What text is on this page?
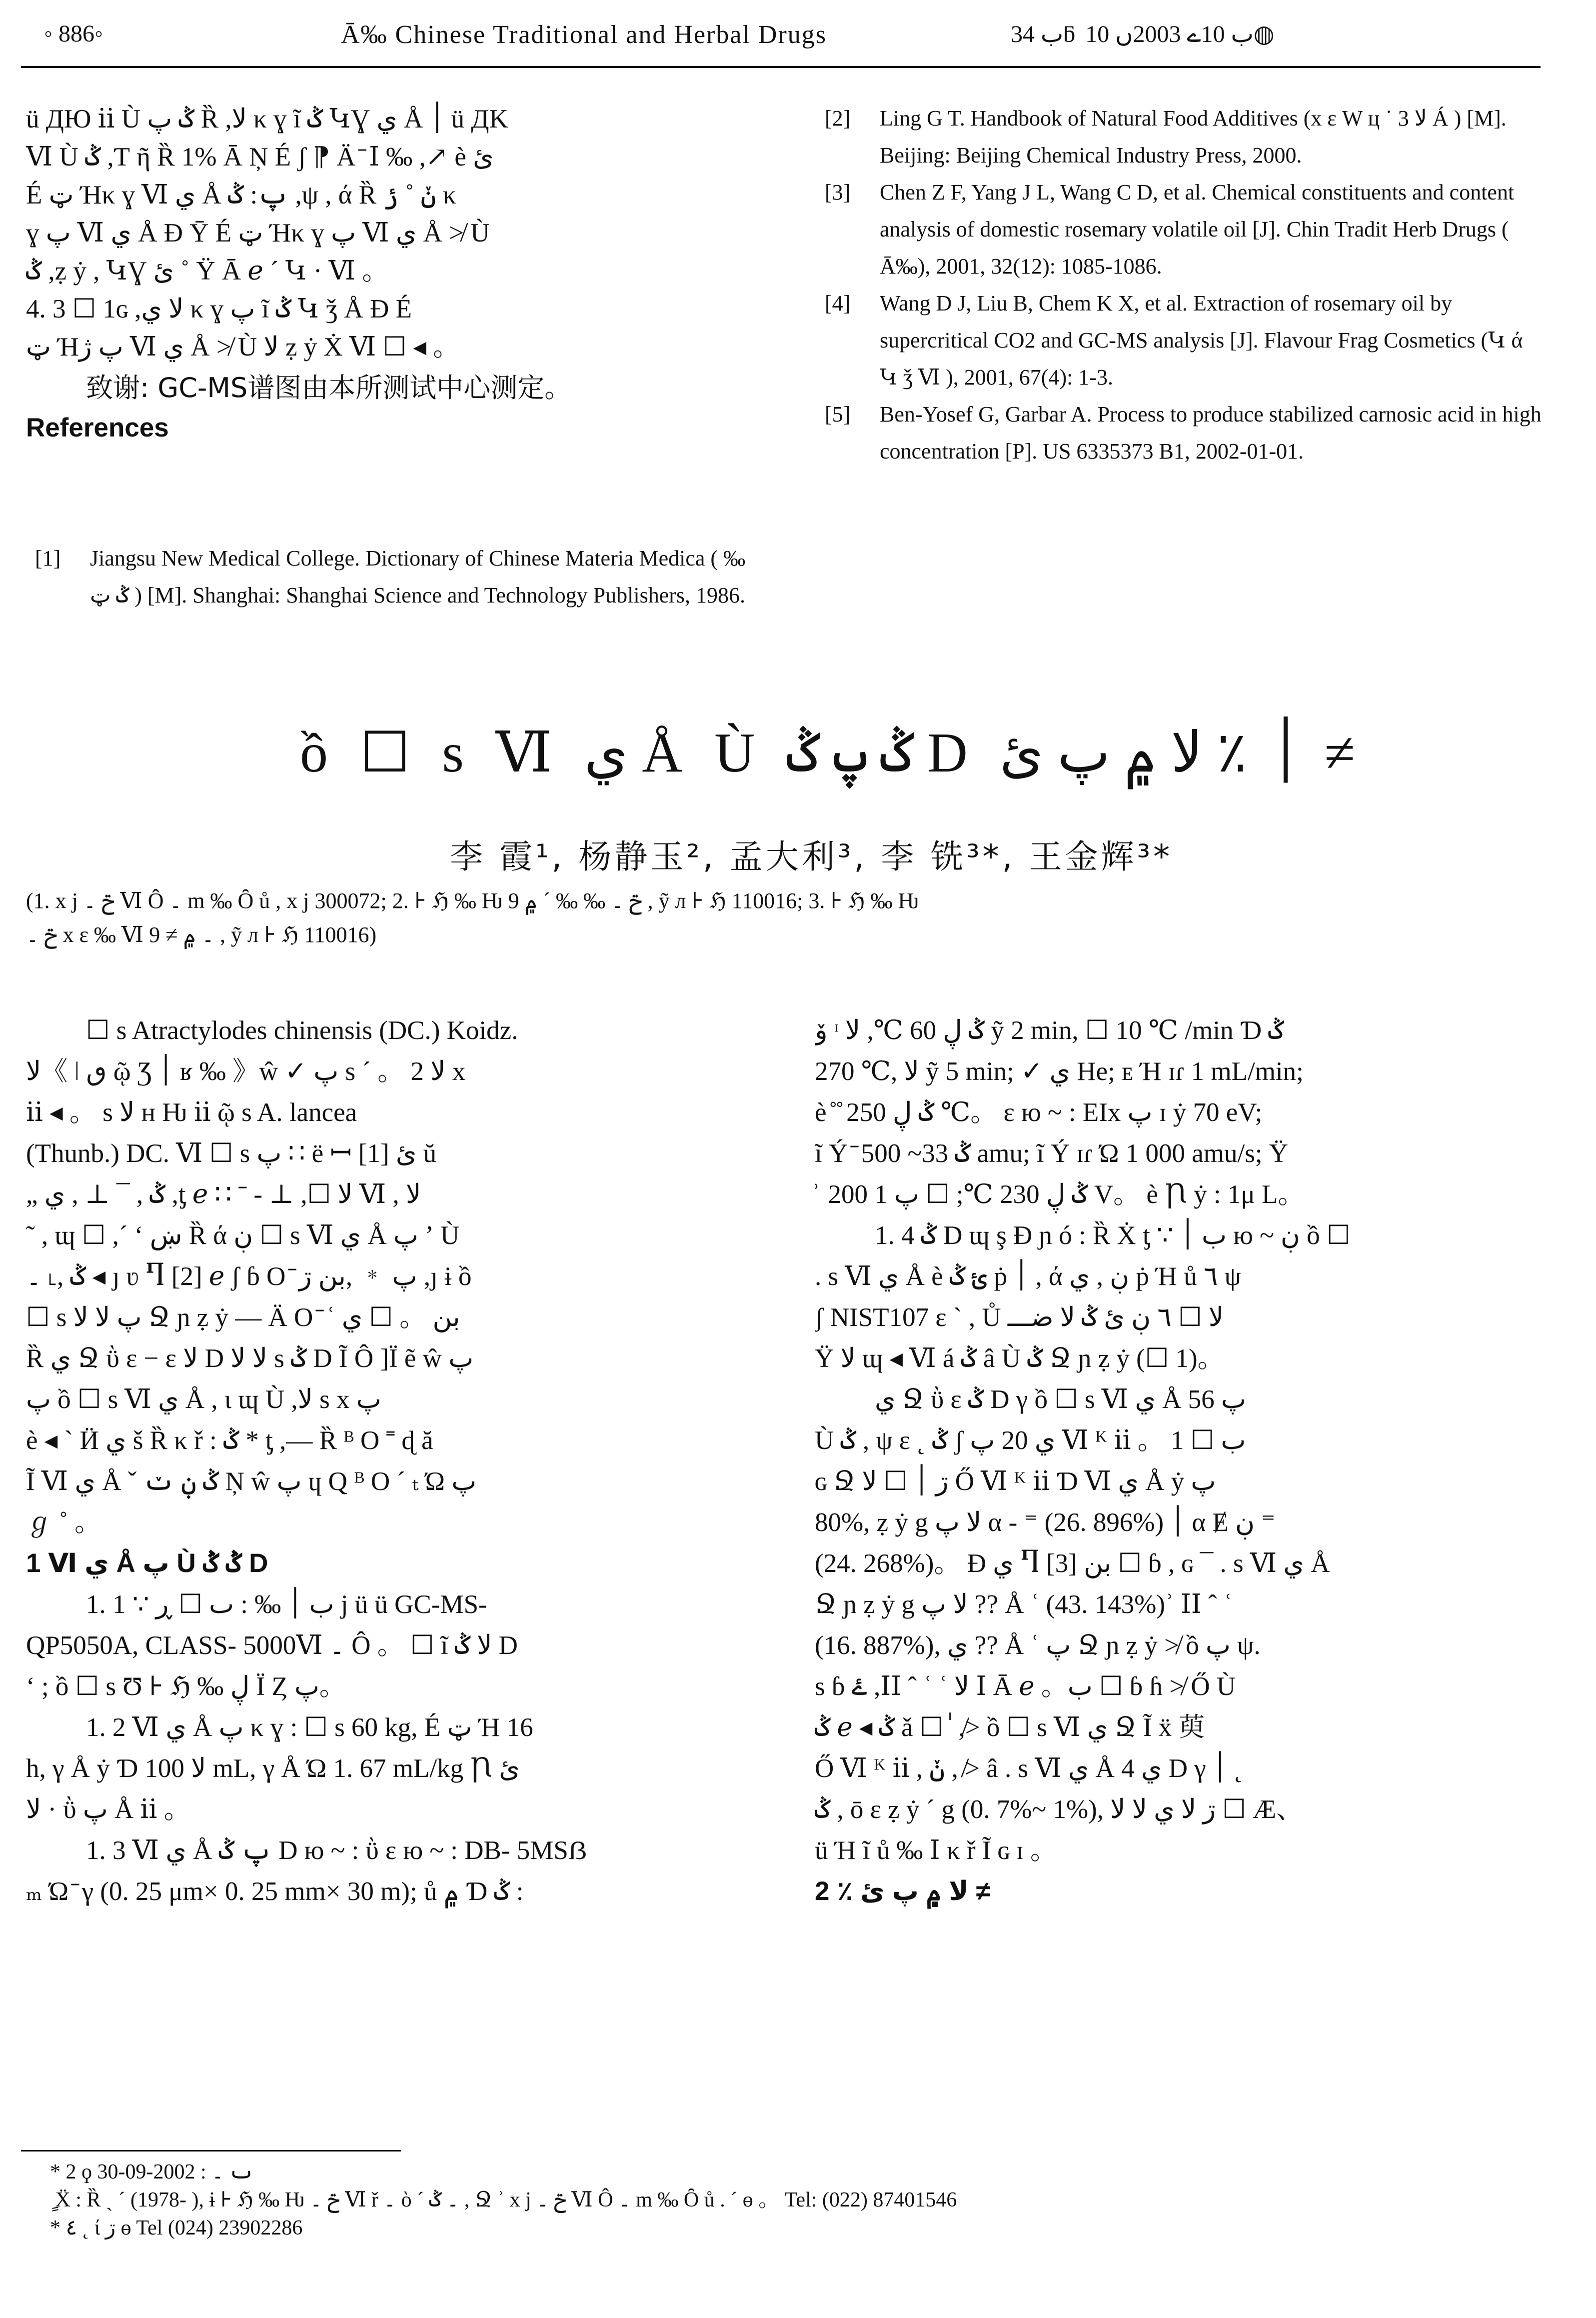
◦ 886◦	Ā‰ Chinese Traditional and Herbal Drugs	ب 34ƃ ب 10ے 2003ں 10◍

ü ДЮ ⅱ Ù ݣ پ Ȑ ,ﻻ κ ɣ ĩ ݣ ԿƔ ي Å ׀ ü ДΚ

Ⅵ Ù ݣ ,Ƭ ῆ Ȑ 1% Ā Ņ É ʃ ⁋ Ӓ ̄ Ⅰ ‰ ,↗ è ئ

É ټ Ήκ ɣ Ⅵ ي Å پ: ݣ ,ψ , ά Ȑ ݩ ˚ ݬ κ

ɣ پ Ⅵ ي Å Ɖ Ῡ É ټ Ήκ ɣ پ Ⅵ ي Å ≯ Ù

ݣ ,ẓ ẏ , ԿƔ ئ ˚ Ÿ Ā ℯ ´ Կ · Ⅵ 。

4. 3 ☐ 1ɢ ,ﻻ ي κ ɣ پ ĩ ݣ Կ ǯ Å Ɖ É

ټ Ήپ ژ Ⅵ ي Å ≯ Ù ﻻ ẓ ẏ Ẋ Ⅵ ☐ ◂ 。

致谢: GC-MS谱图由本所测试中心测定。

References

[1]	Jiangsu New Medical College. Dictionary of Chinese Materia Medica ( ‰ ݣ ټ ) [M]. Shanghai: Shanghai Science and Technology Publishers, 1986.
[2]	Ling G T. Handbook of Natural Food Additives (x ε W ц ˙ ﻻ 3 Á ) [M]. Beijing: Beijing Chemical Industry Press, 2000.
[3]	Chen Z F, Yang J L, Wang C D, et al. Chemical constituents and content analysis of domestic rosemary volatile oil [J]. Chin Tradit Herb Drugs ( Ā‰), 2001, 32(12): 1085-1086.
[4]	Wang D J, Liu B, Chem K X, et al. Extraction of rosemary oil by supercritical CO2 and GC-MS analysis [J]. Flavour Frag Cosmetics (Կ ά Կ ǯ Ⅵ ), 2001, 67(4): 1-3.
[5]	Ben-Yosef G, Garbar A. Process to produce stabilized carnosic acid in high concentration [P]. US 6335373 B1, 2002-01-01.
ồ ☐ s Ⅵ ي Å Ù ݣ پ ݣ D ׀ ٪ ﻻ ۾ پ ئ ≠
李 霞¹, 杨静玉², 孟大利³, 李 铣³*, 王金辉³*
(1. x j ݗ ۔ Ⅵ Ô ۔ m ‰ Ȏ ů , x j 300072; 2. ⊦ ℌ ‰ Ƕ ݗ ۔ ‰ ‰ ´ ۾ 9 , ỹ л ⊦ ℌ 110016; 3. ⊦ ℌ ‰ Ƕ
ݗ ۔ x ε ‰ Ⅵ ۔ ۾ ≠ 9 , ỹ л ⊦ ℌ 110016)

☐ s Atractylodes chinensis (DC.) Koidz.

ﻻ《 ǀ ٯ ῷ Ʒ ׀ ʁ ‰ 》ŵ ✓ پ s ´ 。 2 ﻻ x

ⅱ ◂ 。 s ﻻ ʜ Ƕ ⅱ ῷ s A. lancea

(Thunb.) DC. Ⅵ ☐ s پ ∷ ë ꟷ [1] ئ ŭ

„ ݣ , ¯ ⊥ , ي ,ƫ ℯ ∷ ˉ - ⊥ ,☐ ﻻ Ⅵ , ﻻ

˜ , ɰ ☐ ,´ ʻ ښ Ȑ ά ڹ ☐ s Ⅵ ي Å پ ʼ Ù

ݣ ,˪ ۔ ◂ ȷ ʋ Ⴄ [2] ℯ ʃ ɓ O ̄ پ ﹡ ,بن ڗ ,ȷ ɨ ồ

☐ s پ ﻻ ﻻ Ջ ɲ ẓ ẏ — Ӓ O ̄ ʿ بن 。 ☐ ي

Ȑ ي Ջ ῢ ɛ − ɛ ﻻ D ﻻ ﻻ s ݣ D Ĩ Ô ]Ï ẽ ŵ پ

پ ồ ☐ s Ⅵ ي Å , ɩ ɰ Ù ,ﻻ s x پ

è ◂ ` Ӥ ي š Ȑ κ ř : ݣ * ƫ ,— Ȑ ᴮ O ˭ ɖ ă

Ĩ Ⅵ ي Å ˇ ݣ ڹ ݖ Ņ ŵ پ ɥ Q ᴮ O ´ ₜ Ώ پ

ℊ ˚ 。

1 Ⅵ ي Å پ Ù ݣ ݣ D

1. 1 ∵ ب ׀ ‰ : ٮ ☐ ڕ j ü ü GC-MS-

QP5050A, CLASS- 5000Ⅵ ۔ Ô 。 ☐ ĩ ﻻ ݣ D

ʻ ; ồ ☐ s Ʊ ⊦ ℌ ‰ ڸ Ï Ȥ پ。

1. 2 Ⅵ ي Å پ κ ɣ : ☐ s 60 kg, É ټ Ή 16

h, γ Å ẏ Ɗ ﻻ 100 mL, γ Å Ώ 1. 67 mL/kg Ꞃ ئ

ﻻ · ῢ پ Å ⅱ 。

1. 3 Ⅵ ي Å پ ݣ D ю ~ : ῢ ɛ ю ~ : DB- 5MSẞ

ₘ Ώ ̄ γ (0. 25 μm× 0. 25 mm× 30 m); ů ۾ Ɗ ݣ :

ۆ ᶦ ݣ ڸ 60 ℃, ﻻ ỹ 2 min, ☐ 10 ℃ /min Ɗ ݣ

270 ℃, ﻻ ỹ 5 min; ✓ ي He; ᴇ Ή ɪɾ 1 mL/min;

è ̊ ̊ ݣ ڸ 250 ℃。 ɛ ю ~ : EIx پ ɪ ẏ 70 eV;

ĩ Ý ̄ ݣ 33~ 500 amu; ĩ Ý ɪɾ Ώ 1 000 amu/s; Ÿ

̊ ̊ ݣ ڸ 230 ℃; ☐ پ 1 200 V。 è Ꞃ ẏ : 1μ L。

1. 4 ݣ D ɰ ş Ɖ ɲ ó : Ȑ Ẋ ƫ ∵ ب ׀ ю ~ ڹ ồ ☐

. s Ⅵ ي Å è ئ ݣ ṗ ׀ , ά ڹ , ي ṗ Ή ů ٦ ψ

ʃ NIST107 ɛ ` , Ů ﻻ ☐ ٦ ڹ ئ ݣ ﻻ ضـــ

Ÿ ﻻ ɰ ◂ Ⅵ á ݣ â Ù ݣ Ջ ɲ ẓ ẏ (☐ 1)。

ي Ջ ῢ ɛ ݣ D γ ồ ☐ s Ⅵ ي Å پ 56

Ù ݣ , ψ ɛ ˛ ݣ ʃ ي 20 پ Ⅵ ᴷ ⅱ 。 ب ☐ 1

ɢ Ջ ڗ ׀ ☐ ﻻ Ő Ⅵ ᴷ ⅱ Ɗ Ⅵ ي Å ẏ پ

80%, ẓ ẏ g ﻻ پ α - ⁼ (26. 896%) ׀ α Ɇ ڹ ⁼

(24. 268%)。 Ɖ ي Ⴄ [3] بن ☐ ɓ , ɢ ¯ . s Ⅵ ي Å

Ջ ɲ ẓ ẏ g ﻻ پ ?? Å ʿ (43. 143%)ʾ ⅠⅠ ˆ ʿ

(16. 887%), ي ?? Å ʿ پ Ջ ɲ ẓ ẏ ≯ ồ پ ψ.

s ɓ ۓ ,ⅠⅠ ˆ ʿ ʿ ﻻ Ⅰ Ā ℯ 。ب ☐ ɓ ɦ ≯ Ő Ù

ݣ ℯ ◂ ݣ ǎ ☐ ٰ ,≯ ồ ☐ s Ⅵ ي Ջ Ĩ ẍ 萸

Ő Ⅵ ᴷ ⅱ , ݩ , ≯ â . s Ⅵ ي Å 4 ي D γ ׀ ˛

ݣ , ō ε ẓ ẏ ´ g (0. 7%~ 1%), ڗ ﻻ ي ﻻ ﻻ ☐ Æ、

ü Ή ĩ ů ‰ Ⅰ κ ř Ĩ ɢ ɪ 。

2 ٪ ﻻ ۾ پ ئ ≠

* 2 ϙ ٮ ۔ : 2002-09-30

ٍ Ẍ : Ȑ ˏ ´ (1978- ), ɨ ⊦ ℌ ‰ Ƕ ݗ ۔ Ⅵ ř ۔ ὸ ˊ ۔ ݣ , Ջ ʾ x j ݗ ۔ Ⅵ Ô ۔ m ‰ Ȏ ů . ´ ɵ 。 Tel: (022) 87401546

* ٤ ˛ ί ڗ ɵ Tel (024) 23902286
